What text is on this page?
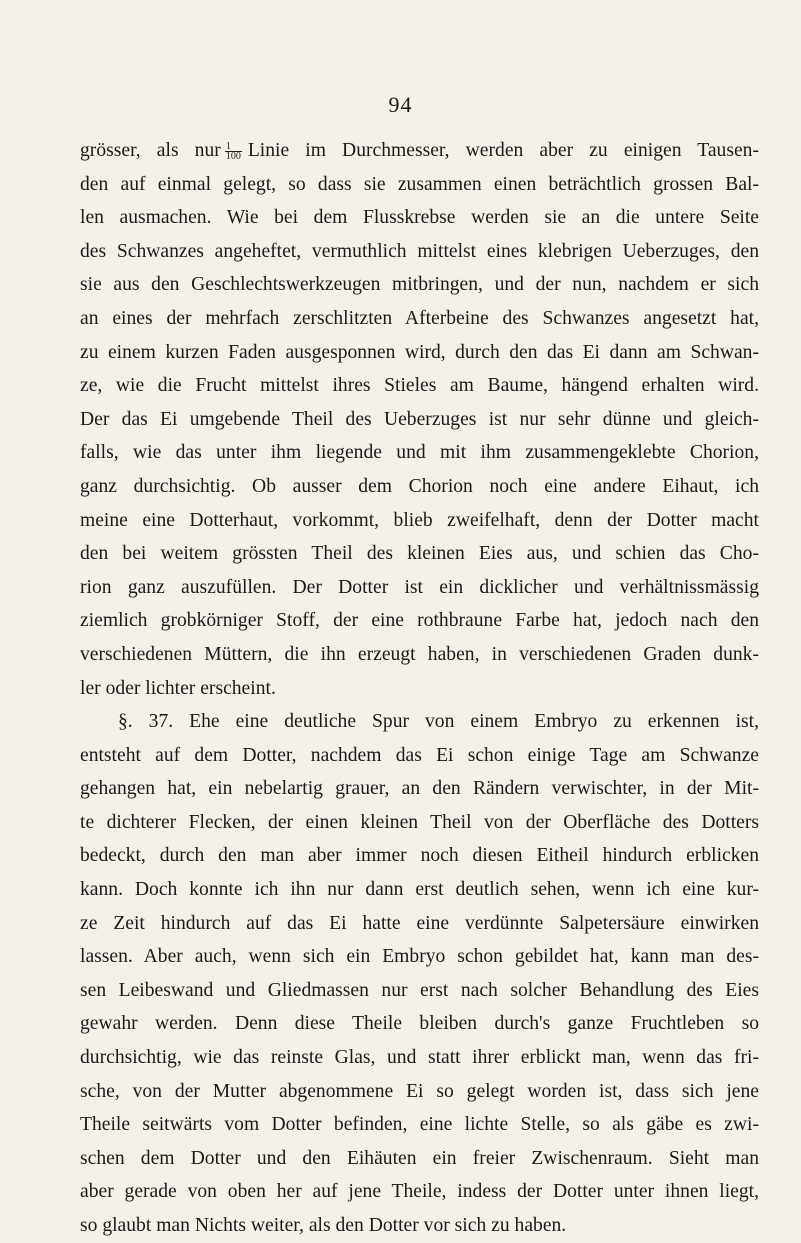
94
grösser, als nur $\frac{1}{100}$ Linie im Durchmesser, werden aber zu einigen Tausen-
den auf einmal gelegt, so dass sie zusammen einen beträchtlich grossen Bal-
len ausmachen. Wie bei dem Flusskrebse werden sie an die untere Seite
des Schwanzes angeheftet, vermuthlich mittelst eines klebrigen Ueberzuges, den
sie aus den Geschlechtswerkzeugen mitbringen, und der nun, nachdem er sich
an eines der mehrfach zerschlitzten Afterbeine des Schwanzes angesetzt hat,
zu einem kurzen Faden ausgesponnen wird, durch den das Ei dann am Schwan-
ze, wie die Frucht mittelst ihres Stieles am Baume, hängend erhalten wird.
Der das Ei umgebende Theil des Ueberzuges ist nur sehr dünne und gleich-
falls, wie das unter ihm liegende und mit ihm zusammengeklebte Chorion,
ganz durchsichtig. Ob ausser dem Chorion noch eine andere Eihaut, ich
meine eine Dotterhaut, vorkommt, blieb zweifelhaft, denn der Dotter macht
den bei weitem grössten Theil des kleinen Eies aus, und schien das Cho-
rion ganz auszufüllen. Der Dotter ist ein dicklicher und verhältnissmässig
ziemlich grobkörniger Stoff, der eine rothbraune Farbe hat, jedoch nach den
verschiedenen Müttern, die ihn erzeugt haben, in verschiedenen Graden dunk-
ler oder lichter erscheint.
§. 37. Ehe eine deutliche Spur von einem Embryo zu erkennen ist,
entsteht auf dem Dotter, nachdem das Ei schon einige Tage am Schwanze
gehangen hat, ein nebelartig grauer, an den Rändern verwischter, in der Mit-
te dichterer Flecken, der einen kleinen Theil von der Oberfläche des Dotters
bedeckt, durch den man aber immer noch diesen Eitheil hindurch erblicken
kann. Doch konnte ich ihn nur dann erst deutlich sehen, wenn ich eine kur-
ze Zeit hindurch auf das Ei hatte eine verdünnte Salpetersäure einwirken
lassen. Aber auch, wenn sich ein Embryo schon gebildet hat, kann man des-
sen Leibeswand und Gliedmassen nur erst nach solcher Behandlung des Eies
gewahr werden. Denn diese Theile bleiben durch's ganze Fruchtleben so
durchsichtig, wie das reinste Glas, und statt ihrer erblickt man, wenn das fri-
sche, von der Mutter abgenommene Ei so gelegt worden ist, dass sich jene
Theile seitwärts vom Dotter befinden, eine lichte Stelle, so als gäbe es zwi-
schen dem Dotter und den Eihäuten ein freier Zwischenraum. Sieht man
aber gerade von oben her auf jene Theile, indess der Dotter unter ihnen liegt,
so glaubt man Nichts weiter, als den Dotter vor sich zu haben.
